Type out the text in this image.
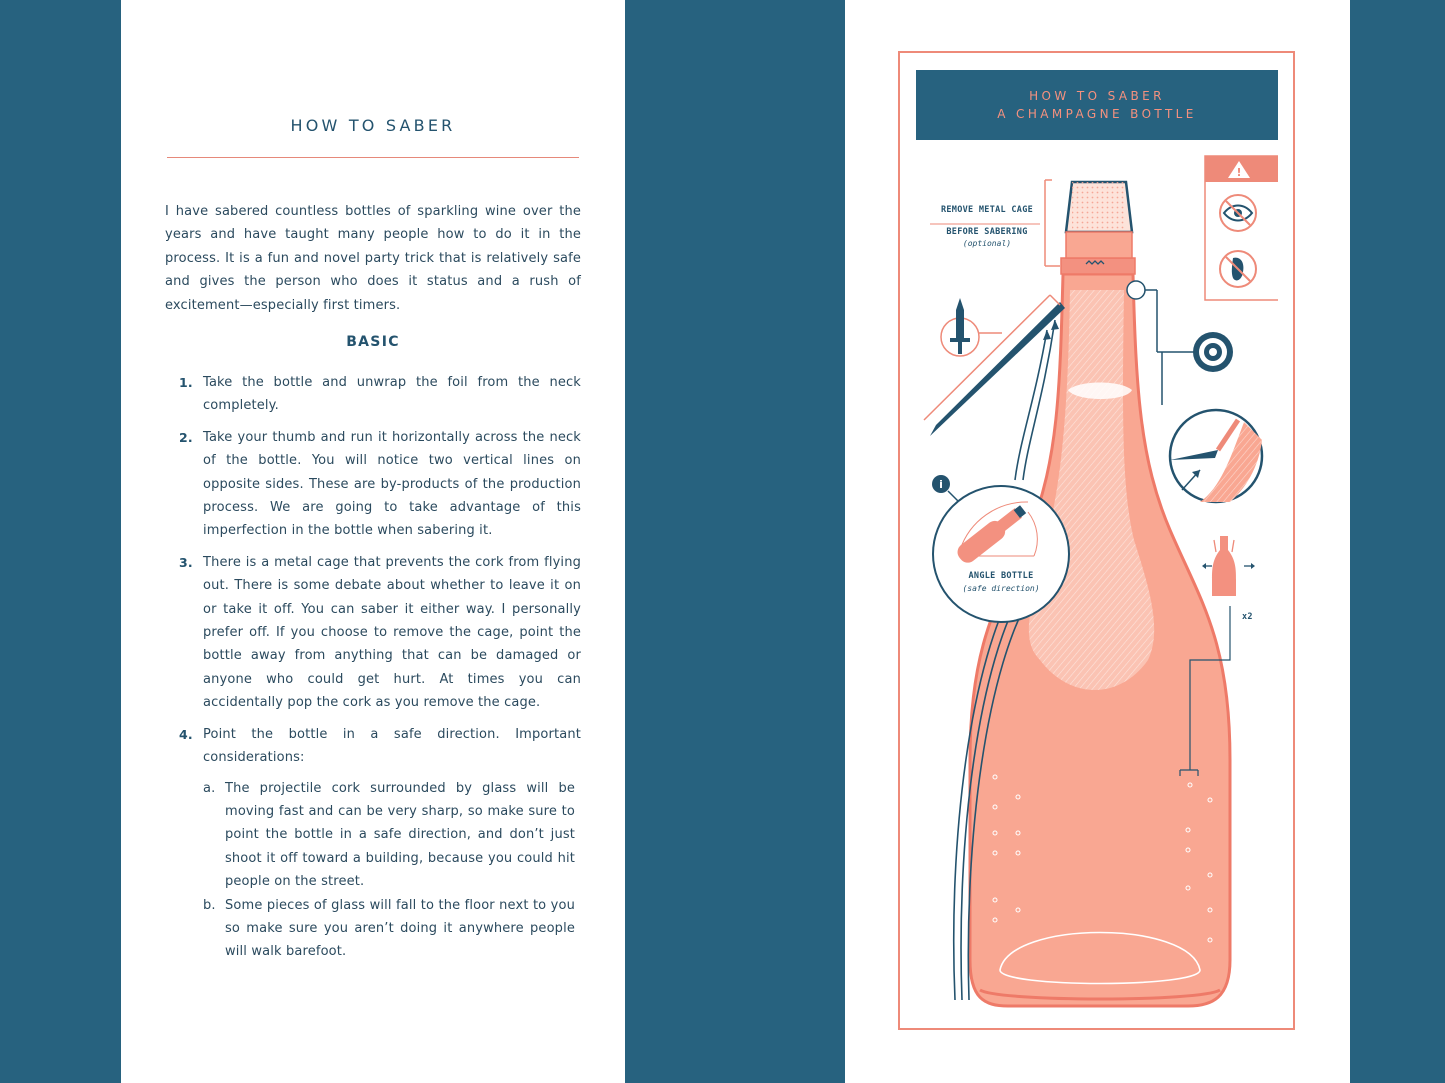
HOW TO SABER
I have sabered countless bottles of sparkling wine over the years and have taught many people how to do it in the process. It is a fun and novel party trick that is relatively safe and gives the person who does it status and a rush of excitement—especially first timers.
BASIC
1. Take the bottle and unwrap the foil from the neck completely.
2. Take your thumb and run it horizontally across the neck of the bottle. You will notice two vertical lines on opposite sides. These are by-products of the production process. We are going to take advantage of this imperfection in the bottle when sabering it.
3. There is a metal cage that prevents the cork from flying out. There is some debate about whether to leave it on or take it off. You can saber it either way. I personally prefer off. If you choose to remove the cage, point the bottle away from anything that can be damaged or anyone who could get hurt. At times you can accidentally pop the cork as you remove the cage.
4. Point the bottle in a safe direction. Important considerations:
a. The projectile cork surrounded by glass will be moving fast and can be very sharp, so make sure to point the bottle in a safe direction, and don’t just shoot it off toward a building, because you could hit people on the street.
b. Some pieces of glass will fall to the floor next to you so make sure you aren’t doing it anywhere people will walk barefoot.
HOW TO SABER
A CHAMPAGNE BOTTLE
REMOVE METAL CAGE
BEFORE SABERING
(optional)
!
i
ANGLE BOTTLE
(safe direction)
x2
